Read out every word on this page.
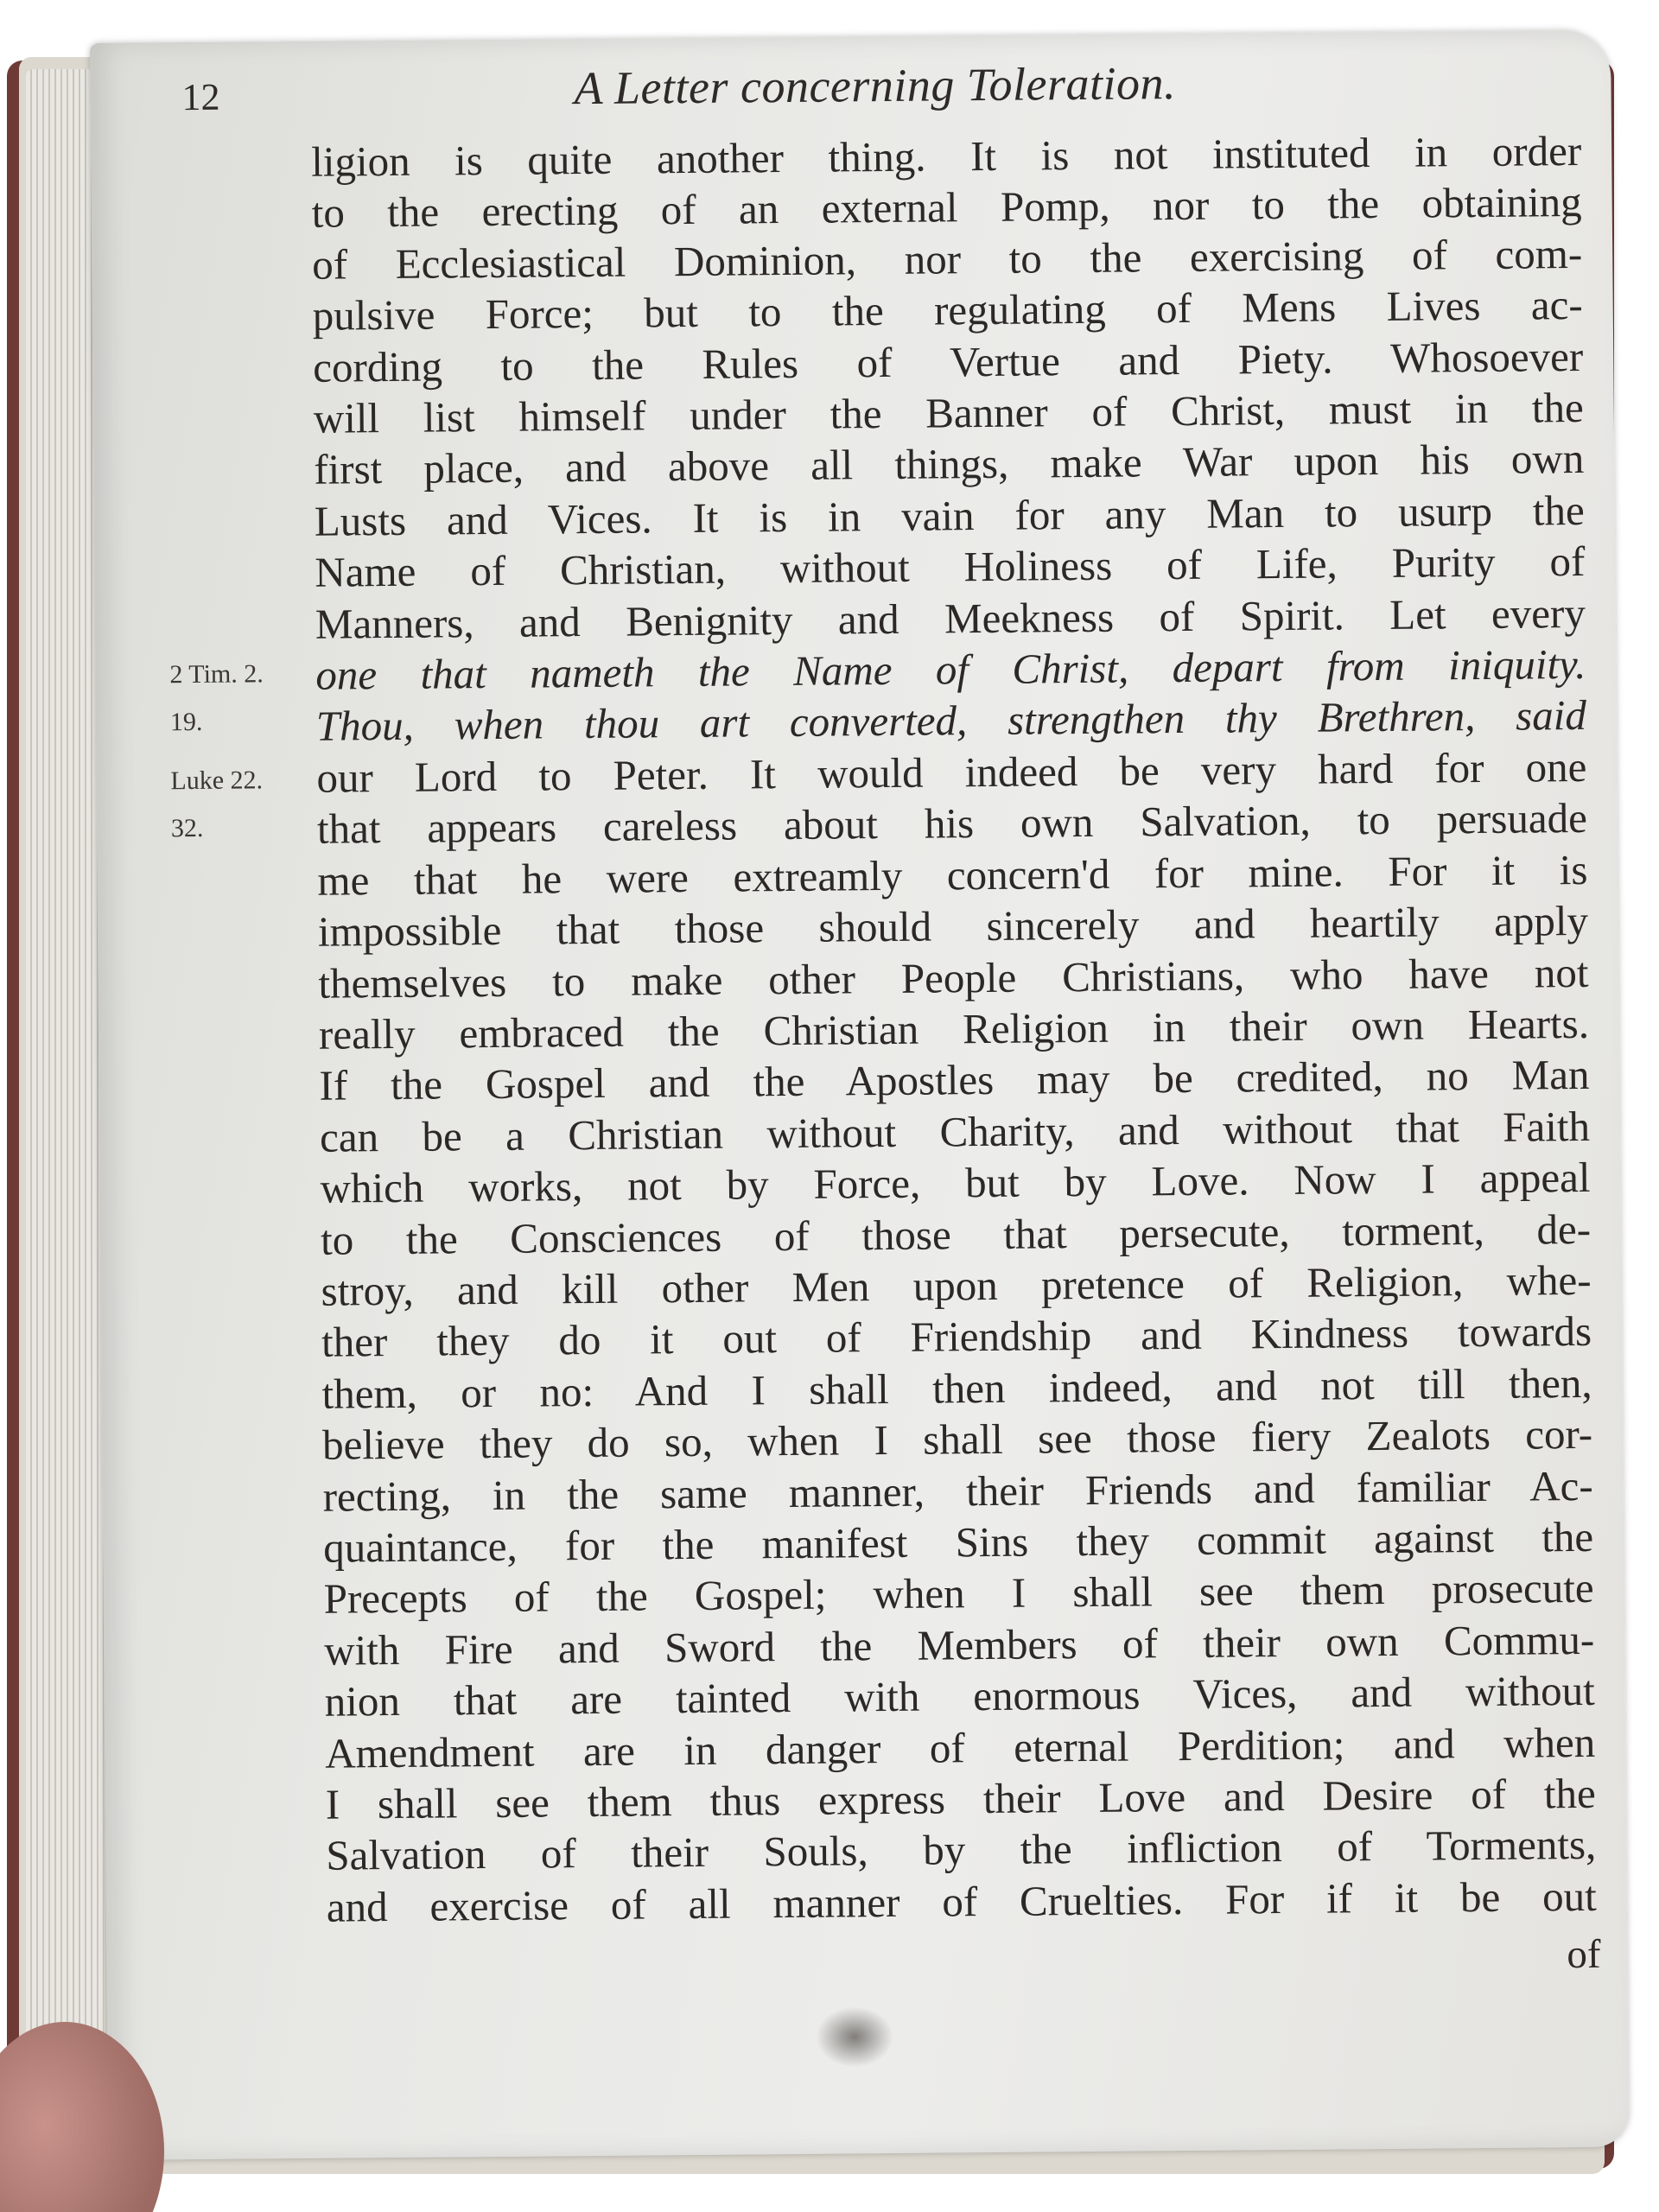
12	A Letter concerning Toleration.
2 Tim. 2.
19.
Luke 22.
32.
ligion is quite another thing. It is not instituted in order
to the erecting of an external Pomp, nor to the obtaining
of Ecclesiastical Dominion, nor to the exercising of com-
pulsive Force; but to the regulating of Mens Lives ac-
cording to the Rules of Vertue and Piety. Whosoever
will list himself under the Banner of Christ, must in the
first place, and above all things, make War upon his own
Lusts and Vices. It is in vain for any Man to usurp the
Name of Christian, without Holiness of Life, Purity of
Manners, and Benignity and Meekness of Spirit. Let every
one that nameth the Name of Christ, depart from iniquity.
Thou, when thou art converted, strengthen thy Brethren, said
our Lord to Peter. It would indeed be very hard for one
that appears careless about his own Salvation, to persuade
me that he were extreamly concern'd for mine. For it is
impossible that those should sincerely and heartily apply
themselves to make other People Christians, who have not
really embraced the Christian Religion in their own Hearts.
If the Gospel and the Apostles may be credited, no Man
can be a Christian without Charity, and without that Faith
which works, not by Force, but by Love. Now I appeal
to the Consciences of those that persecute, torment, de-
stroy, and kill other Men upon pretence of Religion, whe-
ther they do it out of Friendship and Kindness towards
them, or no: And I shall then indeed, and not till then,
believe they do so, when I shall see those fiery Zealots cor-
recting, in the same manner, their Friends and familiar Ac-
quaintance, for the manifest Sins they commit against the
Precepts of the Gospel; when I shall see them prosecute
with Fire and Sword the Members of their own Commu-
nion that are tainted with enormous Vices, and without
Amendment are in danger of eternal Perdition; and when
I shall see them thus express their Love and Desire of the
Salvation of their Souls, by the infliction of Torments,
and exercise of all manner of Cruelties. For if it be out
of
